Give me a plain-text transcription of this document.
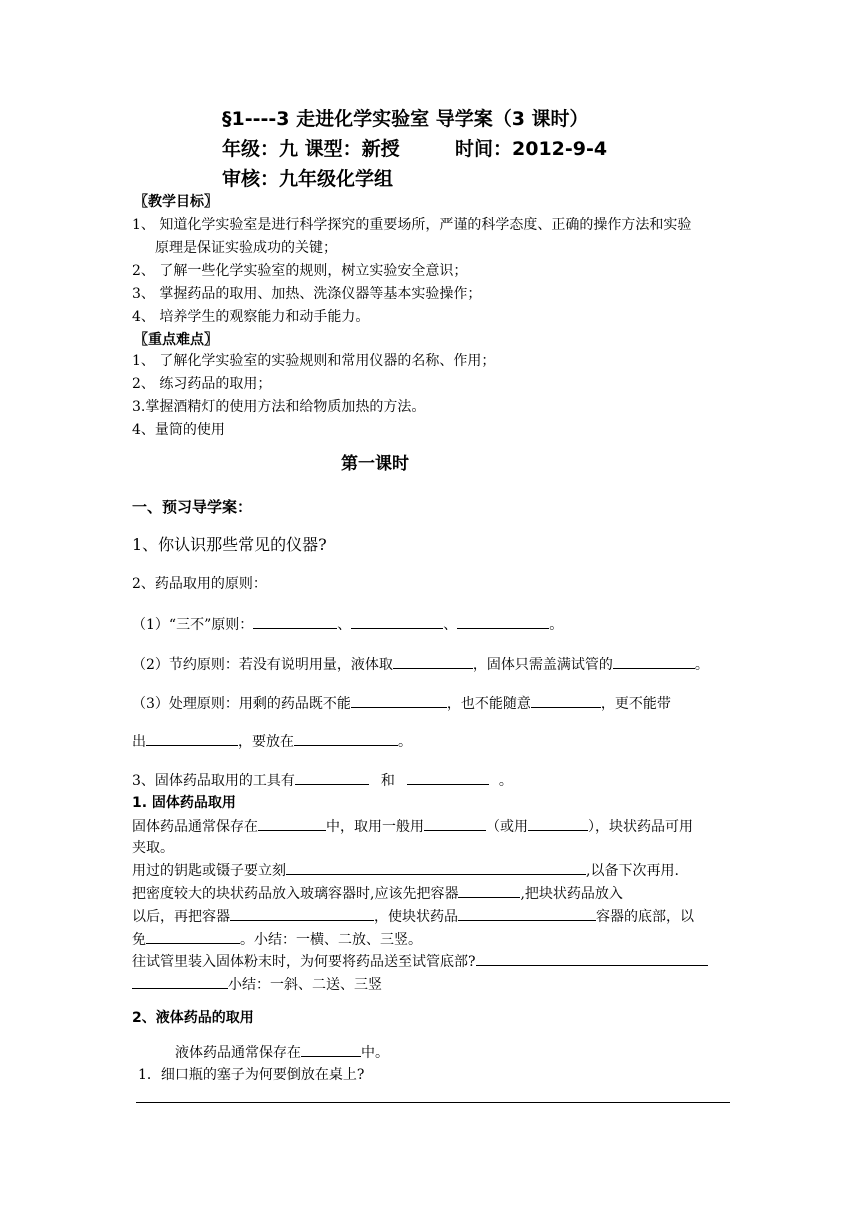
§1----3 走进化学实验室 导学案（3 课时）
年级：九 课型：新授	时间：2012-9-4
审核：九年级化学组
〖教学目标〗
1、 知道化学实验室是进行科学探究的重要场所，严谨的科学态度、正确的操作方法和实验
原理是保证实验成功的关键；
2、 了解一些化学实验室的规则，树立实验安全意识；
3、 掌握药品的取用、加热、洗涤仪器等基本实验操作；
4、 培养学生的观察能力和动手能力。
〖重点难点〗
1、 了解化学实验室的实验规则和常用仪器的名称、作用；
2、 练习药品的取用；
3.掌握酒精灯的使用方法和给物质加热的方法。
4、量筒的使用
第一课时
一、预习导学案：
1、你认识那些常见的仪器?
2、药品取用的原则：
（1）“三不”原则：	、	、	。
（2）节约原则：若没有说明用量，液体取	，固体只需盖满试管的	。
（3）处理原则：用剩的药品既不能	，也不能随意	，更不能带
出	，要放在	。
3、固体药品取用的工具有	和	。
1. 固体药品取用
固体药品通常保存在	中，取用一般用	（或用	），块状药品可用
夹取。
用过的钥匙或镊子要立刻	,以备下次再用.
把密度较大的块状药品放入玻璃容器时,应该先把容器	,把块状药品放入
以后，再把容器	，使块状药品	容器的底部，以
免	。小结：一横、二放、三竖。
往试管里装入固体粉末时，为何要将药品送至试管底部?
小结：一斜、二送、三竖
2、液体药品的取用
液体药品通常保存在	中。
1．细口瓶的塞子为何要倒放在桌上?
